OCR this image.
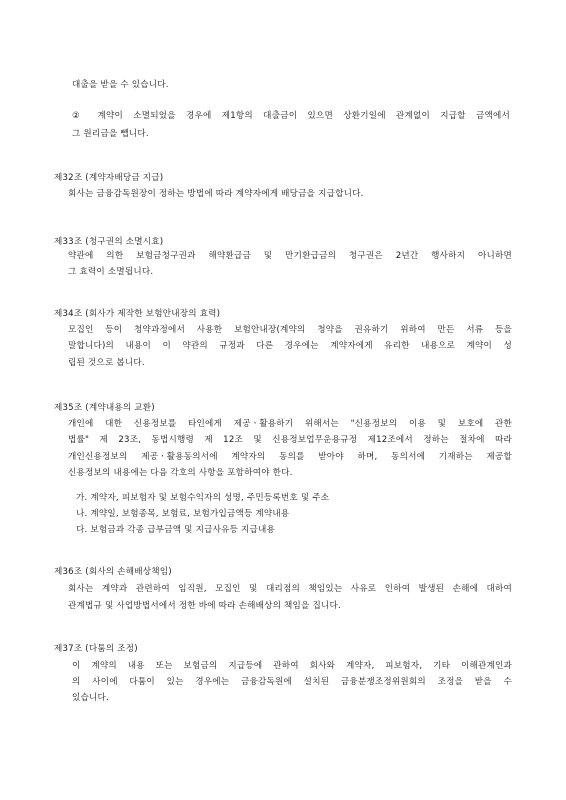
대출을 받을 수 있습니다.
② 계약이 소멸되었을 경우에 제1항의 대출금이 있으면 상환기일에 관계없이 지급할 금액에서
그 원리금을 뺍니다.
제32조 (계약자배당금 지급)
회사는 금융감독원장이 정하는 방법에 따라 계약자에게 배당금을 지급합니다.
제33조 (청구권의 소멸시효)
약관에 의한 보험금청구권과 해약환급금 및 만기환급금의 청구권은 2년간 행사하지 아니하면
그 효력이 소멸됩니다.
제34조 (회사가 제작한 보험안내장의 효력)
모집인 등이 청약과정에서 사용한 보험안내장(계약의 청약을 권유하기 위하여 만든 서류 등을
말합니다)의 내용이 이 약관의 규정과 다른 경우에는 계약자에게 유리한 내용으로 계약이 성
립된 것으로 봅니다.
제35조 (계약내용의 교환)
개인에 대한 신용정보를 타인에게 제공ㆍ활용하기 위해서는 "신용정보의 이용 및 보호에 관한
법률" 제 23조, 동법시행령 제 12조 및 신용정보업무운용규정 제12조에서 정하는 절차에 따라
개인신용정보의 제공ㆍ활용동의서에 계약자의 동의를 받아야 하며, 동의서에 기재하는 제공할
신용정보의 내용에는 다음 각호의 사항을 포함하여야 한다.
가. 계약자, 피보험자 및 보험수익자의 성명, 주민등록번호 및 주소
나. 계약일, 보험종목, 보험료, 보험가입금액등 계약내용
다. 보험금과 각종 급부금액 및 지급사유등 지급내용
제36조 (회사의 손해배상책임)
회사는 계약과 관련하여 임직원, 모집인 및 대리점의 책임있는 사유로 인하여 발생된 손해에 대하여
관계법규 및 사업방법서에서 정한 바에 따라 손해배상의 책임을 집니다.
제37조 (다툼의 조정)
이 계약의 내용 또는 보험금의 지급등에 관하여 회사와 계약자, 피보험자, 기타 이해관계인과
의 사이에 다툼이 있는 경우에는 금융감독원에 설치된 금융분쟁조정위원회의 조정을 받을 수
있습니다.
